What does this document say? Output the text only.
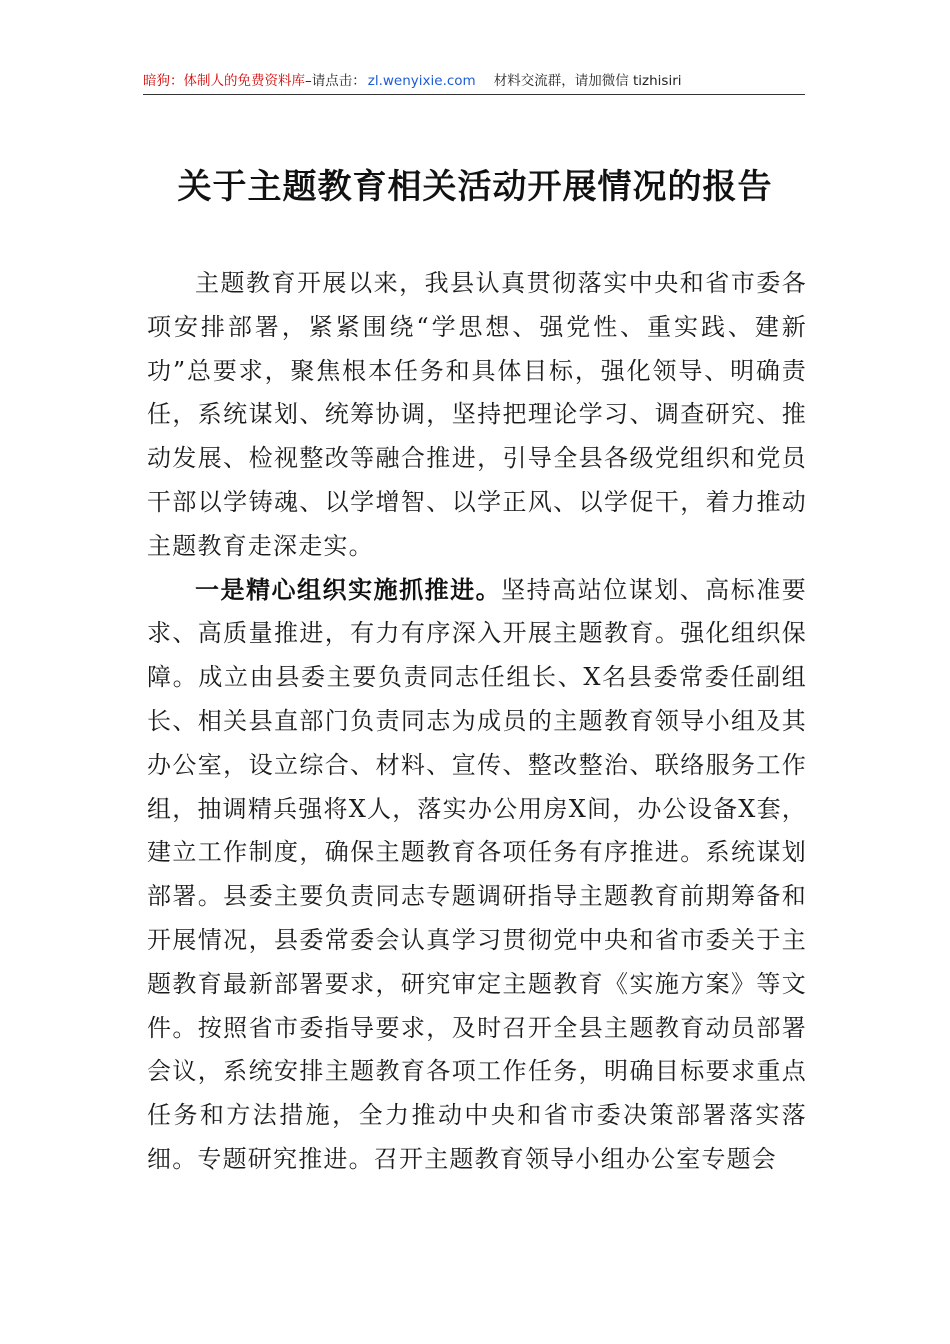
暗狗：体制人的免费资料库 –请点击： zl.wenyixie.com 材料交流群，请加微信 tizhisiri
关于主题教育相关活动开展情况的报告

主题教育开展以来，我县认真贯彻落实中央和省市委各项安排部署，紧紧围绕“学思想、强党性、重实践、建新功”总要求，聚焦根本任务和具体目标，强化领导、明确责任，系统谋划、统筹协调，坚持把理论学习、调查研究、推动发展、检视整改等融合推进，引导全县各级党组织和党员干部以学铸魂、以学增智、以学正风、以学促干，着力推动主题教育走深走实。

一是精心组织实施抓推进。坚持高站位谋划、高标准要求、高质量推进，有力有序深入开展主题教育。强化组织保障。成立由县委主要负责同志任组长、X名县委常委任副组长、相关县直部门负责同志为成员的主题教育领导小组及其办公室，设立综合、材料、宣传、整改整治、联络服务工作组，抽调精兵强将X人，落实办公用房X间，办公设备X套，建立工作制度，确保主题教育各项任务有序推进。系统谋划部署。县委主要负责同志专题调研指导主题教育前期筹备和开展情况，县委常委会认真学习贯彻党中央和省市委关于主题教育最新部署要求，研究审定主题教育《实施方案》等文件。按照省市委指导要求，及时召开全县主题教育动员部署会议，系统安排主题教育各项工作任务，明确目标要求重点任务和方法措施，全力推动中央和省市委决策部署落实落细。专题研究推进。召开主题教育领导小组办公室专题会
